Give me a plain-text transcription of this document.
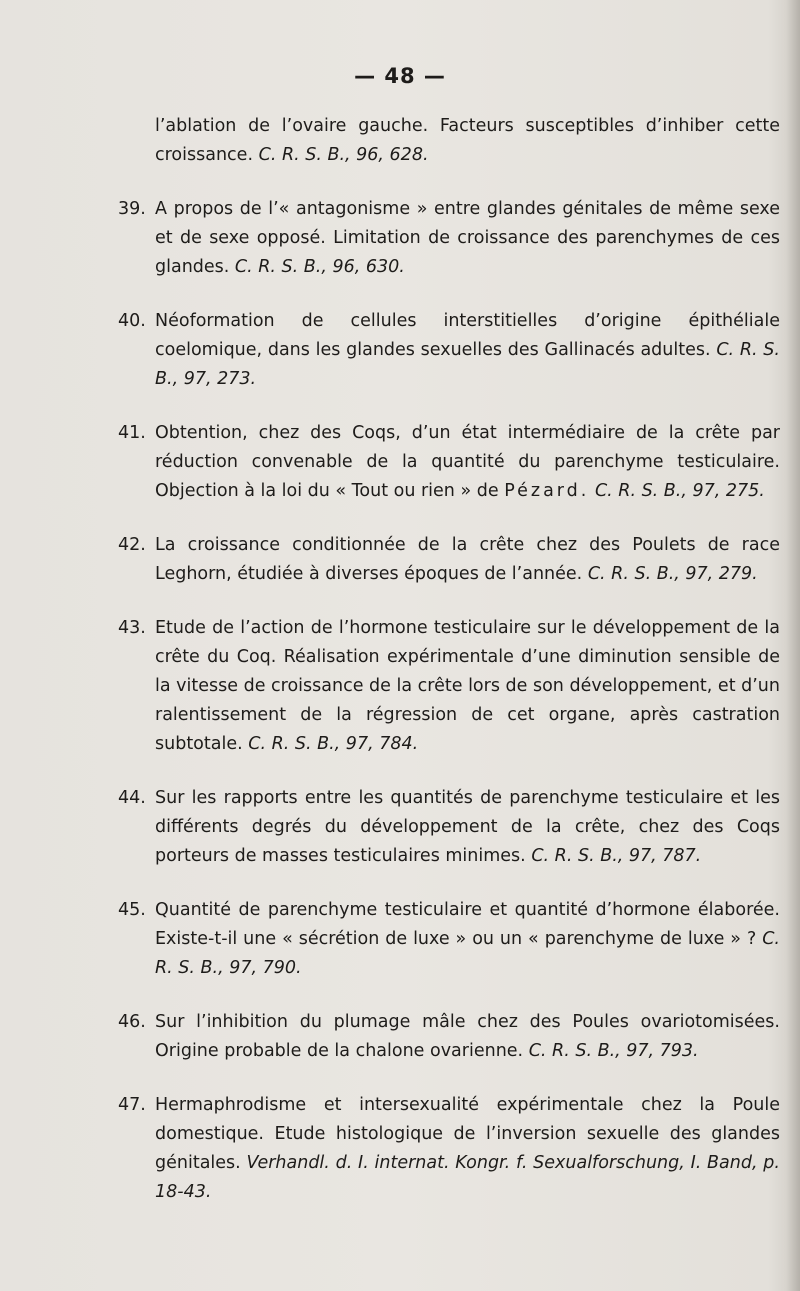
— 48 —

l’ablation de l’ovaire gauche. Facteurs susceptibles d’inhiber cette croissance. C. R. S. B., 96, 628.

39. A propos de l’« antagonisme » entre glandes génitales de même sexe et de sexe opposé. Limitation de croissance des parenchymes de ces glandes. C. R. S. B., 96, 630.
40. Néoformation de cellules interstitielles d’origine épithéliale coelomique, dans les glandes sexuelles des Gallinacés adultes. C. R. S. B., 97, 273.
41. Obtention, chez des Coqs, d’un état intermédiaire de la crête par réduction convenable de la quantité du parenchyme testiculaire. Objection à la loi du « Tout ou rien » de Pézard. C. R. S. B., 97, 275.
42. La croissance conditionnée de la crête chez des Poulets de race Leghorn, étudiée à diverses époques de l’année. C. R. S. B., 97, 279.
43. Etude de l’action de l’hormone testiculaire sur le développement de la crête du Coq. Réalisation expérimentale d’une diminution sensible de la vitesse de croissance de la crête lors de son développement, et d’un ralentissement de la régression de cet organe, après castration subtotale. C. R. S. B., 97, 784.
44. Sur les rapports entre les quantités de parenchyme testiculaire et les différents degrés du développement de la crête, chez des Coqs porteurs de masses testiculaires minimes. C. R. S. B., 97, 787.
45. Quantité de parenchyme testiculaire et quantité d’hormone élaborée. Existe-t-il une « sécrétion de luxe » ou un « parenchyme de luxe » ? C. R. S. B., 97, 790.
46. Sur l’inhibition du plumage mâle chez des Poules ovariotomisées. Origine probable de la chalone ovarienne. C. R. S. B., 97, 793.
47. Hermaphrodisme et intersexualité expérimentale chez la Poule domestique. Etude histologique de l’inversion sexuelle des glandes génitales. Verhandl. d. I. internat. Kongr. f. Sexualforschung, I. Band, p. 18-43.
